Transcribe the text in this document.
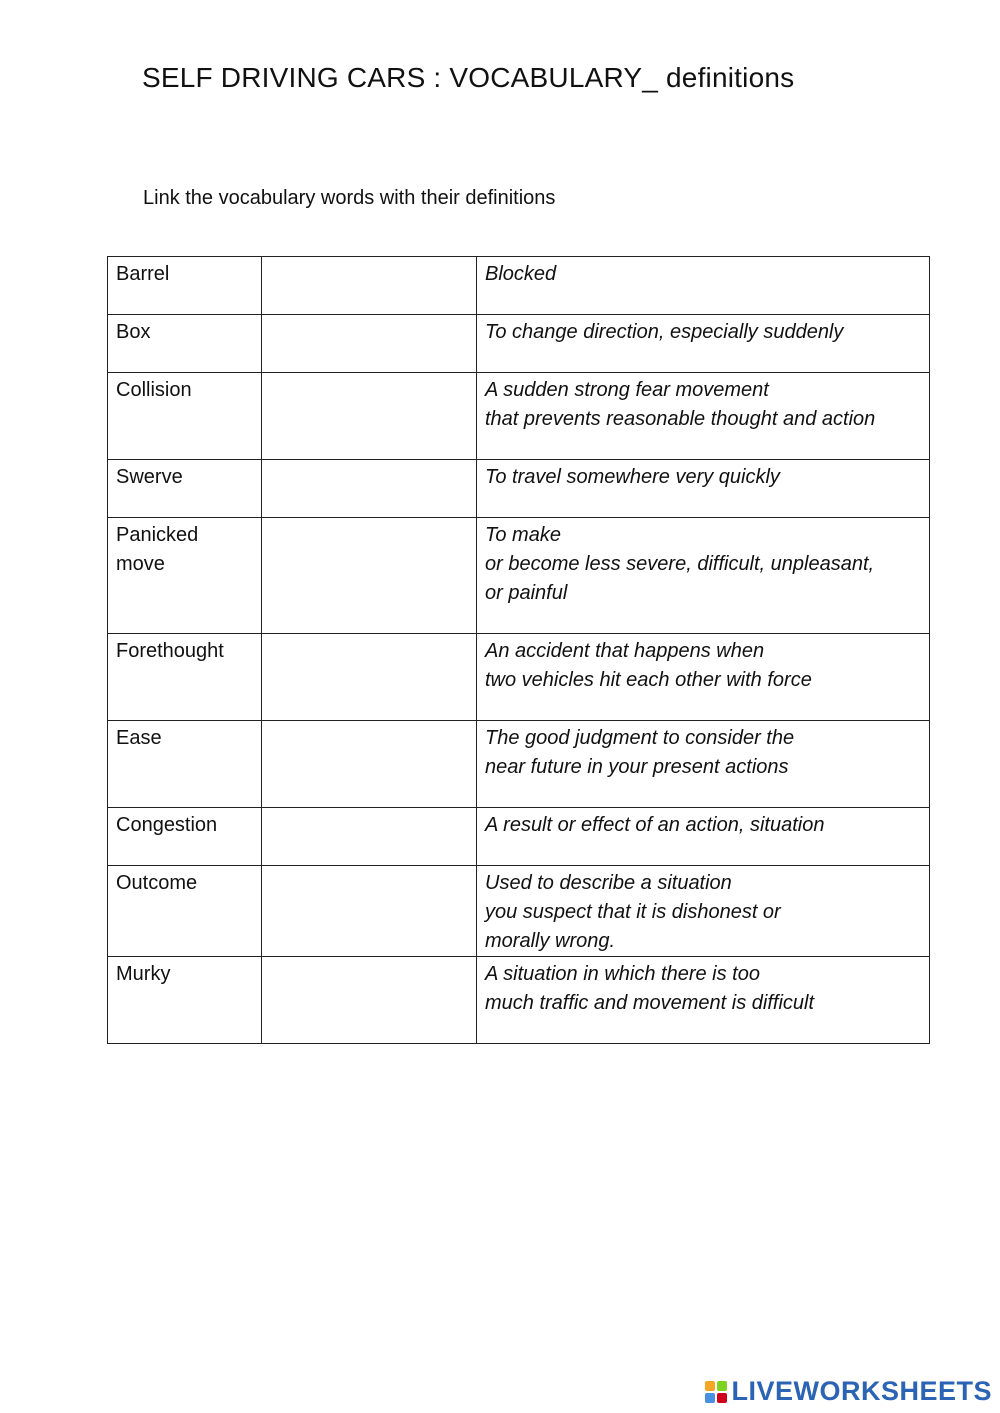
SELF DRIVING CARS : VOCABULARY_ definitions

Link the vocabulary words with their definitions

Barrel		Blocked

Box		To change direction, especially suddenly

Collision		A sudden strong fear movement
that prevents reasonable thought and action

Swerve		To travel somewhere very quickly

Panicked
move		To make
or become less severe, difficult, unpleasant,
or painful

Forethought		An accident that happens when
two vehicles hit each other with force

Ease		The good judgment to consider the
near future in your present actions

Congestion		A result or effect of an action, situation

Outcome		Used to describe a situation
you suspect that it is dishonest or
morally wrong.

Murky		A situation in which there is too
much traffic and movement is difficult
LIVEWORKSHEETS
